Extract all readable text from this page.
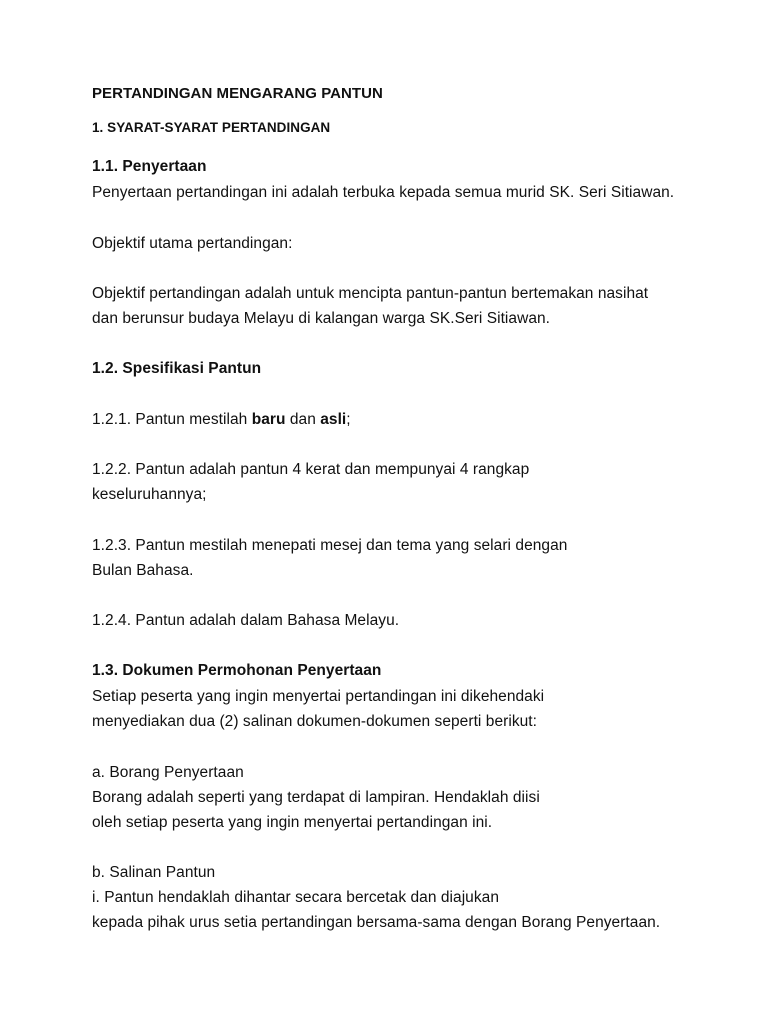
PERTANDINGAN MENGARANG PANTUN

1. SYARAT-SYARAT PERTANDINGAN

1.1. Penyertaan

Penyertaan pertandingan ini adalah terbuka kepada semua murid SK. Seri Sitiawan.

Objektif utama pertandingan:

Objektif pertandingan adalah untuk mencipta pantun-pantun bertemakan nasihat

dan berunsur budaya Melayu di kalangan warga SK.Seri Sitiawan.

1.2. Spesifikasi Pantun

1.2.1. Pantun mestilah baru dan asli;

1.2.2. Pantun adalah pantun 4 kerat dan mempunyai 4 rangkap

keseluruhannya;

1.2.3. Pantun mestilah menepati mesej dan tema yang selari dengan

Bulan Bahasa.

1.2.4. Pantun adalah dalam Bahasa Melayu.

1.3. Dokumen Permohonan Penyertaan

Setiap peserta yang ingin menyertai pertandingan ini dikehendaki

menyediakan dua (2) salinan dokumen-dokumen seperti berikut:

a. Borang Penyertaan

Borang adalah seperti yang terdapat di lampiran. Hendaklah diisi

oleh setiap peserta yang ingin menyertai pertandingan ini.

b. Salinan Pantun

i. Pantun hendaklah dihantar secara bercetak dan diajukan

kepada pihak urus setia pertandingan bersama-sama dengan Borang Penyertaan.
